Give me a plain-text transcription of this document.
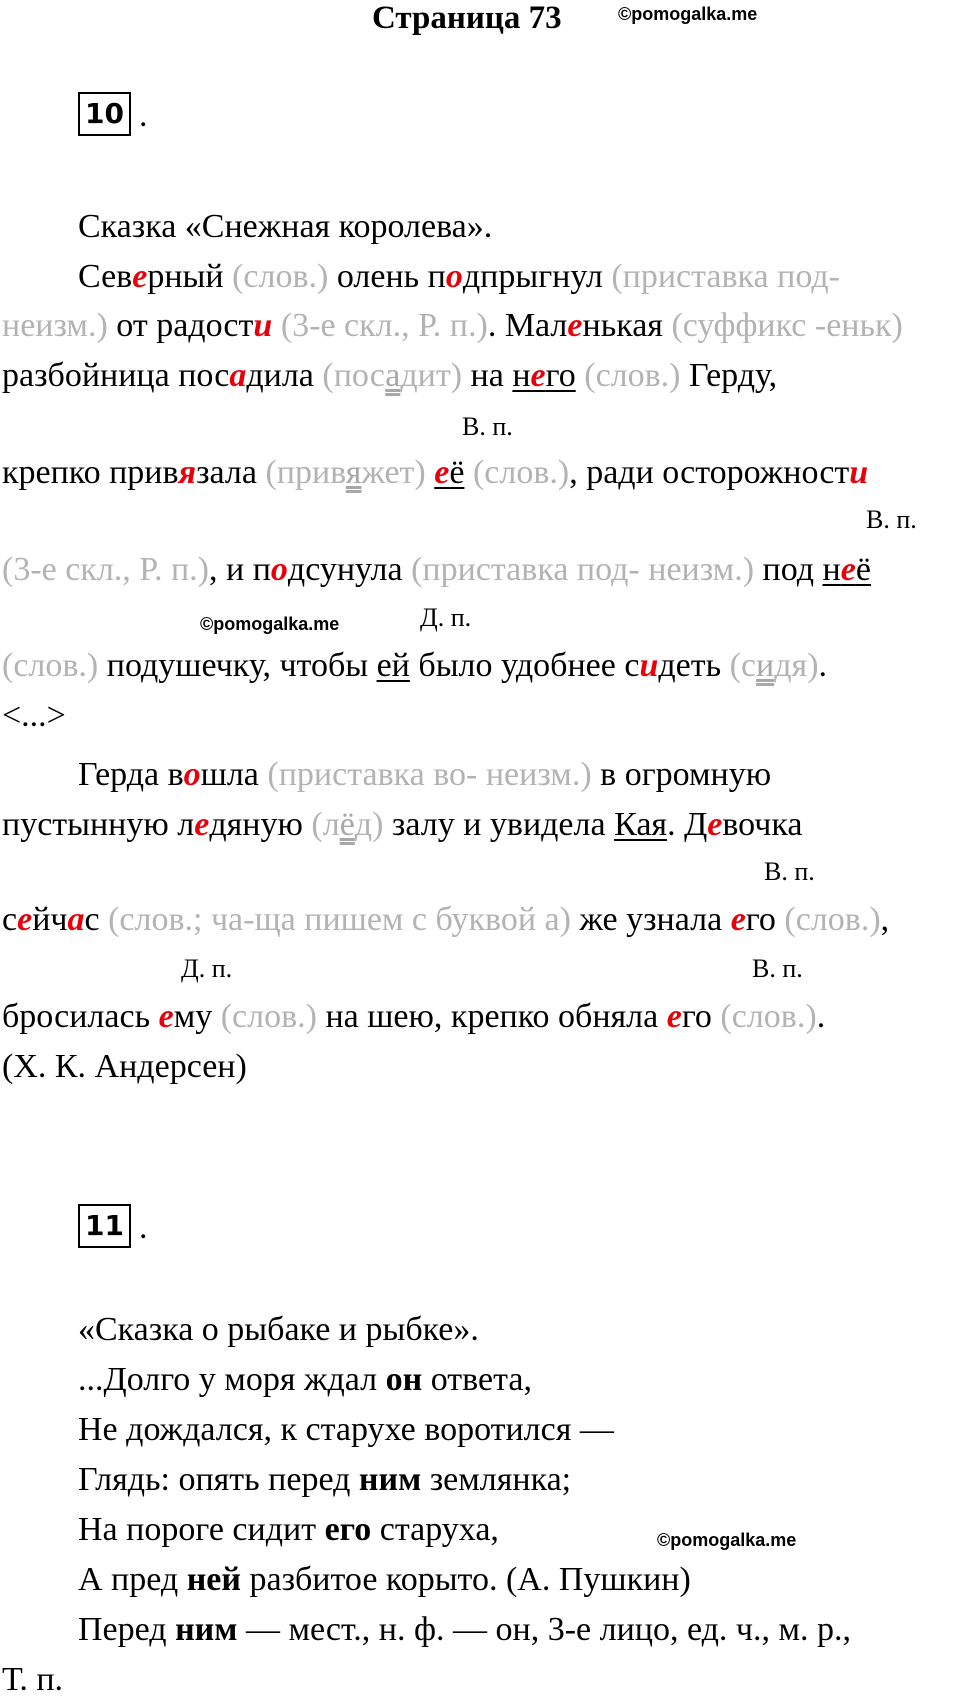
Страница 73	©pomogalka.me
10 .
Сказка «Снежная королева».
Северный (слов.) олень подпрыгнул (приставка под-
неизм.) от радости (3-е скл., Р. п.). Маленькая (суффикс -еньк)
разбойница посадила (посадит) на него (слов.) Герду,
В. п.
крепко привязала (привяжет) её (слов.), ради осторожности
В. п.
(3-е скл., Р. п.), и подсунула (приставка под- неизм.) под неё
©pomogalka.me	Д. п.
(слов.) подушечку, чтобы ей было удобнее сидеть (сидя).
<...>
Герда вошла (приставка во- неизм.) в огромную
пустынную ледяную (лёд) залу и увидела Кая. Девочка
В. п.
сейчас (слов.; ча-ща пишем с буквой а) же узнала его (слов.),
Д. п.	В. п.
бросилась ему (слов.) на шею, крепко обняла его (слов.).
(Х. К. Андерсен)
11 .
«Сказка о рыбаке и рыбке».
...Долго у моря ждал он ответа,
Не дождался, к старухе воротился —
Глядь: опять перед ним землянка;
На пороге сидит его старуха,	©pomogalka.me
А пред ней разбитое корыто. (А. Пушкин)
Перед ним — мест., н. ф. — он, 3-е лицо, ед. ч., м. р.,
Т. п.
